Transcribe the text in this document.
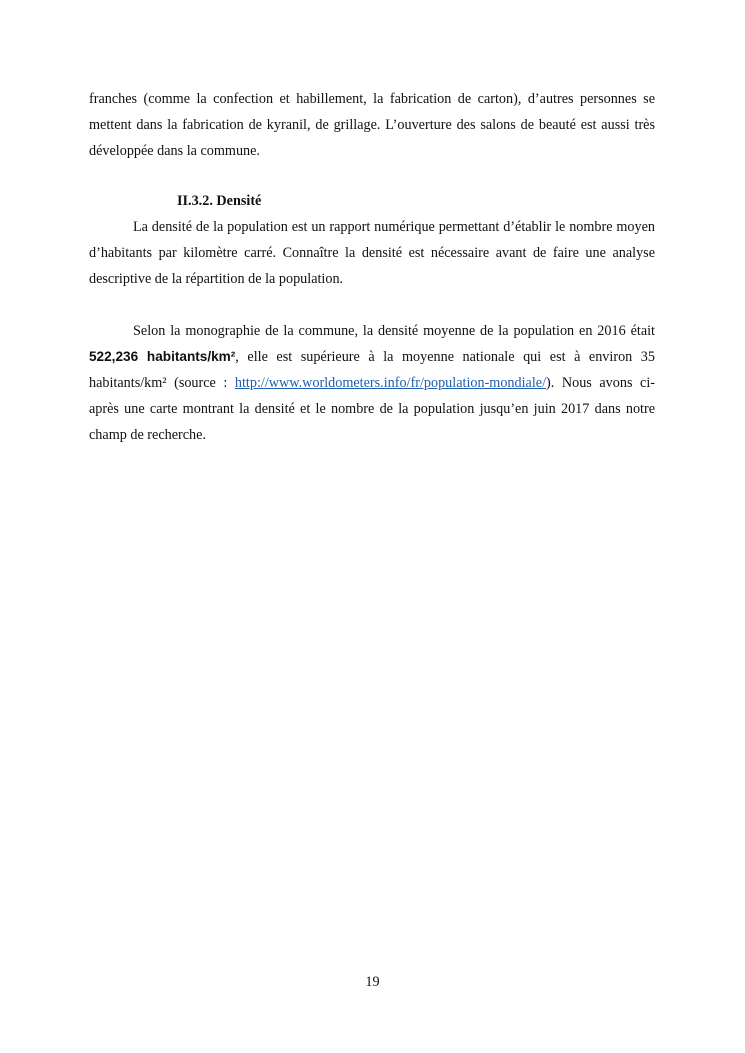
franches (comme la confection et habillement, la fabrication de carton), d’autres personnes se mettent dans la fabrication de kyranil, de grillage. L’ouverture des salons de beauté est aussi très développée dans la commune.

II.3.2. Densité

La densité de la population est un rapport numérique permettant d’établir le nombre moyen d’habitants par kilomètre carré. Connaître la densité est nécessaire avant de faire une analyse descriptive de la répartition de la population.

Selon la monographie de la commune, la densité moyenne de la population en 2016 était 522,236 habitants/km², elle est supérieure à la moyenne nationale qui est à environ 35 habitants/km² (source : http://www.worldometers.info/fr/population-mondiale/). Nous avons ci-après une carte montrant la densité et le nombre de la population jusqu’en juin 2017 dans notre champ de recherche.

19
